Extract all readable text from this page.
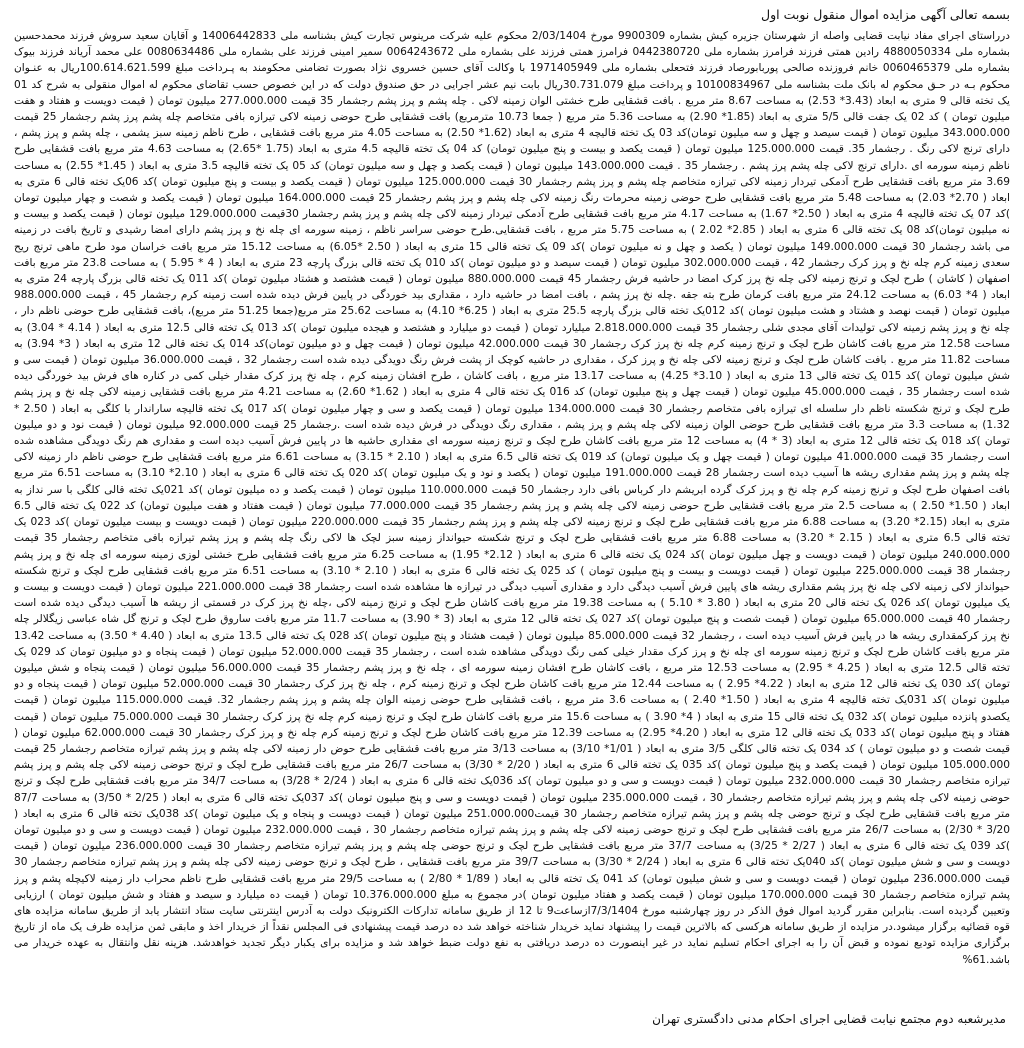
بسمه تعالی آگهی مزایده اموال منقول نوبت اول

درراستای اجرای مفاد نیابت قضایی واصله از شهرستان جزیره کیش بشماره 9900309 مورخ 2/03/1404 محکوم علیه شرکت مرینوس تجارت کیش بشناسه ملی 14006442833 و آقایان سعید سروش فرزند محمدحسین بشماره ملی 4880050334 رادین همتی فرزند فرامرز بشماره ملی 0442380720 فرامرز همتی فرزند علی بشماره ملی 0064243672 سمیر امینی فرزند علی بشماره ملی 0080634486 علی محمد آریاند فرزند بیوک بشماره ملی 0060465379 خانم فروزنده صالحی پوربابورصاد فرزند فتحعلی بشماره ملی 1971405949 با وکالت آقای حسین خسروی نژاد بصورت تضامنی محکومند به پـرداخت مبلغ 100.614.621.599ریال به عنـوان محکوم بـه در حـق محکوم له بانک ملت بشناسه ملی 10100834967 و پرداخت مبلغ 30.731.079ریال بابت نیم عشر اجرایی در حق صندوق دولت که در این خصوص حسب تقاضای محکوم له اموال منقولی به شرح کد 01 یک تخته قالی 9 متری به ابعاد (3.43* 2.53) به مساحت 8.67 متر مربع . بافت قشقایی طرح خشتی الوان زمینه لاکی . چله پشم و پرز پشم رجشمار 35 قیمت 277.000.000 میلیون تومان ( قیمت دویست و هفتاد و هفت میلیون تومان ) کد 02 یک جفت قالی 5/5 متری به ابعاد (1.85* 2.90) به مساحت 5.36 متر مربع ( جمعا 10.73 مترمربع) بافت قشقایی طرح حوضی زمینه لاکی تیرازه بافی متخاصم چله پشم پرز پشم رجشمار 25 قیمت 343.000.000 میلیون تومان ( قیمت سیصد و چهل و سه میلیون تومان)کد 03 یک تخته قالیچه 4 متری به ابعاد (1.62* 2.50) به مساحت 4.05 متر مربع بافت قشقایی ، طرح ناظم زمینه سبز یشمی ، چله پشم و پرز پشم ، دارای ترنج لاکی رنگ . رجشمار 35. قیمت 125.000.000 میلیون تومان ( قیمت یکصد و بیست و پنج میلیون تومان) کد 04 یک تخته قالیچه 4.5 متری به ابعاد (1.75 *2.65) به مساحت 4.63 متر مربع بافت قشقایی طرح ناظم زمینه سورمه ای .دارای ترنج لاکی چله پشم پرز پشم . رجشمار 35 . قیمت 143.000.000 میلیون تومان ( قیمت یکصد و چهل و سه میلیون تومان) کد 05 یک تخته قالیچه 3.5 متری به ابعاد ( 1.45* 2.55) به مساحت 3.69 متر مربع بافت قشقایی طرح آدمکی تیردار زمینه لاکی تیرازه متخاصم چله پشم و پرز پشم رجشمار 30 قیمت 125.000.000 میلیون تومان ( قیمت یکصد و بیست و پنج میلیون تومان )کد 06یک تخته قالی 6 متری به ابعاد ( 2.70* 2.03) به مساحت 5.48 متر مربع بافت قشقایی طرح حوضی زمینه محرمات رنگ زمینه لاکی چله پشم و پرز پشم رجشمار 25 قیمت 164.000.000 میلیون تومان ( قیمت یکصد و شصت و چهار میلیون تومان )کد 07 یک تخته قالیچه 4 متری به ابعاد ( 2.50* 1.67) به مساحت 4.17 متر مربع بافت قشقایی طرح آدمکی تیردار زمینه لاکی چله پشم و پرز پشم رجشمار 30قیمت 129.000.000 میلیون تومان ( قیمت یکصد و بیست و نه میلیون تومان)کد 08 یک تخته قالی 6 متری به ابعاد ( 2.85* 2.02 ) به مساحت 5.75 متر مربع ، بافت قشقایی.طرح حوضی سراسر ناظم ، زمینه سورمه ای چله نخ و پرز پشم دارای امضا رشیدی و تاریخ بافت در زمینه می باشد رجشمار 30 قیمت 149.000.000 میلیون تومان ( یکصد و چهل و نه میلیون تومان )کد 09 یک تخته قالی 15 متری به ابعاد ( 2.50 *6.05) به مساحت 15.12 متر مربع بافت خراسان مود طرح ماهی ترنج ریح سعدی زمینه کرم چله نخ و پرز کرک رجشمار 42 ، قیمت 302.000.000 میلیون تومان ( قیمت سیصد و دو میلیون تومان )کد 010 یک تخته قالی بزرگ پارچه 23 متری به ابعاد ( 4 * 5.95 ) به مساحت 23.8 متر مربع بافت اصفهان ( کاشان ) طرح لچک و ترنج زمینه لاکی چله نخ پرز کرک امضا در حاشیه فرش رجشمار 45 قیمت 880.000.000 میلیون تومان ( قیمت هشتصد و هشتاد میلیون تومان )کد 011 یک تخته قالی بزرگ پارچه 24 متری به ابعاد ( 4* 6.03) به مساحت 24.12 متر مربع بافت کرمان طرح بته جقه .چله نخ پرز پشم ، بافت امضا در حاشیه دارد ، مقداری بید خوردگی در پایین فرش دیده شده است زمینه کرم رجشمار 45 ، قیمت 988.000.000 میلیون تومان ( قیمت نهصد و هشتاد و هشت میلیون تومان )کد 012یک تخته قالی بزرگ پارچه 25.5 متری به ابعاد ( 6.25* 4.10) به مساحت 25.62 متر مربع(جمعا 51.25 متر مربع)، بافت قشقایی طرح حوضی ناظم دار ، چله نخ و پرز پشم زمینه لاکی تولیدات آقای مجدی شلی رجشمار 35 قیمت 2.818.000.000 میلیارد تومان ( قیمت دو میلیارد و هشتصد و هیجده میلیون تومان )کد 013 یک تخته قالی 12.5 متری به ابعاد ( 4.14 * 3.04) به مساحت 12.58 متر مربع بافت کاشان طرح لچک و ترنج زمینه کرم چله نخ پرز کرک رجشمار 30 قیمت 42.000.000 میلیون تومان ( قیمت چهل و دو میلیون تومان)کد 014 یک تخته قالی 12 متری به ابعاد ( 3* 3.94) به مساحت 11.82 متر مربع . بافت کاشان طرح لچک و ترنج زمینه لاکی چله نخ و پرز کرک ، مقداری در حاشیه کوچک از پشت فرش رنگ دویدگی دیده شده است رجشمار 32 ، قیمت 36.000.000 میلیون تومان ( قیمت سی و شش میلیون تومان )کد 015 یک تخته قالی 13 متری به ابعاد ( 3.10* 4.25) به مساحت 13.17 متر مربع ، بافت کاشان ، طرح افشان زمینه کرم ، چله نخ پرز کرک مقدار خیلی کمی در کناره های فرش بید خوردگی دیده شده است رجشمار 35 ، قیمت 45.000.000 میلیون تومان ( قیمت چهل و پنج میلیون تومان) کد 016 یک تخته قالی 4 متری به ابعاد ( 1.62* 2.60) به مساحت 4.21 متر مربع بافت قشقایی زمینه لاکی چله نخ و پرز پشم طرح لچک و ترنج شکسته ناظم دار سلسله ای تیرازه بافی متخاصم رجشمار 30 قیمت 134.000.000 میلیون تومان ( قیمت یکصد و سی و چهار میلیون تومان )کد 017 یک تخته قالیچه ساراندار با کلگی به ابعاد ( 2.50 * 1.32) به مساحت 3.3 متر مربع بافت قشقایی طرح حوضی الوان زمینه لاکی چله پشم و پرز پشم ، مقداری رنگ دویدگی در فرش دیده شده است .رجشمار 25 قیمت 92.000.000 میلیون تومان ( قیمت نود و دو میلیون تومان )کد 018 یک تخته قالی 12 متری به ابعاد (3 * 4) به مساحت 12 متر مربع بافت کاشان طرح لچک و ترنج زمینه سورمه ای مقداری حاشیه ها در پایین فرش آسیب دیده است و مقداری هم رنگ دویدگی مشاهده شده است رجشمار 35 قیمت 41.000.000 میلیون تومان ( قیمت چهل و یک میلیون تومان) کد 019 یک تخته قالی 6.5 متری به ابعاد ( 2.10 * 3.15) به مساحت 6.61 متر مربع بافت قشقایی طرح حوضی ناظم دار زمینه لاکی چله پشم و پرز پشم مقداری ریشه ها آسیب دیده است رجشمار 28 قیمت 191.000.000 میلیون تومان ( یکصد و نود و یک میلیون تومان )کد 020 یک تخته قالی 6 متری به ابعاد ( 2.10* 3.10) به مساحت 6.51 متر مربع بافت اصفهان طرح لچک و ترنج زمینه کرم چله نخ و پرز کرک گرده ابریشم دار کرباس بافی دارد رجشمار 50 قیمت 110.000.000 میلیون تومان ( قیمت یکصد و ده میلیون تومان )کد 021یک تخته قالی کلگی با سر نداز به ابعاد ( 1.50* 2.50 ) به مساحت 2.5 متر مربع بافت قشقایی طرح حوضی زمینه لاکی چله پشم و پرز پشم رجشمار 35 قیمت 77.000.000 میلیون تومان ( قیمت هفتاد و هفت میلیون تومان) کد 022 یک تخته قالی 6.5 متری به ابعاد (2.15* 3.20) به مساحت 6.88 متر مربع بافت قشقایی طرح لچک و ترنج زمینه لاکی چله پشم و پرز پشم رجشمار 35 قیمت 220.000.000 میلیون تومان ( قیمت دویست و بیست میلیون تومان )کد 023 یک تخته قالی 6.5 متری به ابعاد ( 2.15 * 3.20) به مساحت 6.88 متر مربع بافت قشقایی طرح لچک و ترنج شکسته حیوانداز زمینه سبز لچک ها لاکی رنگ چله پشم و پرز پشم تیرازه بافی متخاصم رجشمار 35 قیمت 240.000.000 میلیون تومان ( قیمت دویست و چهل میلیون تومان )کد 024 یک تخته قالی 6 متری به ابعاد ( 2.12* 1.95) به مساحت 6.25 متر مربع بافت قشقایی طرح خشتی لوزی زمینه سورمه ای چله نخ و پرز پشم رجشمار 38 قیمت 225.000.000 میلیون تومان ( قیمت دویست و بیست و پنج میلیون تومان ) کد 025 یک تخته قالی 6 متری به ابعاد ( 2.10 * 3.10) به مساحت 6.51 متر مربع بافت قشقایی طرح لچک و ترنج شکسته حیوانداز لاکی زمینه لاکی چله نخ پرز پشم مقداری ریشه های پایین فرش آسیب دیدگی دارد و مقداری آسیب دیدگی در تیرازه ها مشاهده شده است رجشمار 38 قیمت 221.000.000 میلیون تومان ( قیمت دویست و بیست و یک میلیون تومان )کد 026 یک تخته قالی 20 متری به ابعاد ( 3.80 * 5.10 ) به مساحت 19.38 متر مربع بافت کاشان طرح لچک و ترنج زمینه لاکی ،چله نخ پرز کرک در قسمتی از ریشه ها آسیب دیدگی دیده شده است رجشمار 40 قیمت 65.000.000 میلیون تومان ( قیمت شصت و پنج میلیون تومان )کد 027 یک تخته قالی 12 متری به ابعاد (3 * 3.90) به مساحت 11.7 متر مربع بافت ساروق طرح لچک و ترنج گل شاه عباسی زیگلالر چله نخ پرز کرکمقداری ریشه ها در پایین فرش آسیب دیده است ، رجشمار 32 قیمت 85.000.000 میلیون تومان ( قیمت هشتاد و پنج میلیون تومان )کد 028 یک تخته قالی 13.5 متری به ابعاد ( 4.40 * 3.50) به مساحت 13.42 متر مربع بافت کاشان طرح لچک و ترنج زمینه سورمه ای چله نخ و پرز کرک مقدار خیلی کمی رنگ دویدگی مشاهده شده است ، رجشمار 35 قیمت 52.000.000 میلیون تومان ( قیمت پنجاه و دو میلیون تومان کد 029 یک تخته قالی 12.5 متری به ابعاد ( 4.25 * 2.95) به مساحت 12.53 متر مربع ، بافت کاشان طرح افشان زمینه سورمه ای ، چله نخ و پرز پشم رجشمار 35 قیمت 56.000.000 میلیون تومان ( قیمت پنجاه و شش میلیون تومان )کد 030 یک تخته قالی 12 متری به ابعاد ( 4.22* 2.95 ) به مساحت 12.44 متر مربع بافت کاشان طرح لچک و ترنج زمینه کرم ، چله نخ پرز کرک رجشمار 30 قیمت 52.000.000 میلیون تومان ( قیمت پنجاه و دو میلیون تومان )کد 031یک تخته قالیچه 4 متری به ابعاد ( 1.50* 2.40 ) به مساحت 3.6 متر مربع ، بافت قشقایی طرح حوضی زمینه الوان چله پشم و پرز پشم رجشمار 32. قیمت 115.000.000 میلیون تومان ( قیمت یکصدو پانزده میلیون تومان )کد 032 یک تخته قالی 15 متری به ابعاد ( 4* 3.90 ) به مساحت 15.6 متر مربع بافت کاشان طرح لچک و ترنج زمینه کرم چله نخ پرز کرک رجشمار 30 قیمت 75.000.000 میلیون تومان ( قیمت هفتاد و پنج میلیون تومان )کد 033 یک تخته قالی 12 متری به ابعاد ( 4.20* 2.95) به مساحت 12.39 متر مربع بافت کاشان طرح لچک و ترنج زمینه کرم چله نخ و پرز کرک رجشمار 30 قیمت 62.000.000 میلیون تومان ( قیمت شصت و دو میلیون تومان ) کد 034 یک تخته قالی کلگی 3/5 متری به ابعاد ( 1/01* 3/10) به مساحت 3/13 متر مربع بافت قشقایی طرح حوض دار زمینه لاکی چله پشم و پرز پشم تیرازه متخاصم رجشمار 25 قیمت 105.000.000 میلیون تومان ( قیمت یکصد و پنج میلیون تومان )کد 035 یک تخته قالی 6 متری به ابعاد ( 2/20 * 3/30) به مساحت 26/7 متر مربع بافت قشقایی طرح لچک و ترنج حوضی زمینه لاکی چله پشم و پرز پشم تیرازه متخاصم رجشمار 30 قیمت 232.000.000 میلیون تومان ( قیمت دویست و سی و دو میلیون تومان )کد 036یک تخته قالی 6 متری به ابعاد ( 2/24 * 3/28) به مساحت 34/7 متر مربع بافت قشقایی طرح لچک و ترنج حوضی زمینه لاکی چله پشم و پرز پشم تیرازه متخاصم رجشمار 30 ، قیمت 235.000.000 میلیون تومان ( قیمت دویست و سی و پنج میلیون تومان )کد 037یک تخته قالی 6 متری به ابعاد ( 2/25 * 3/50) به مساحت 87/7 متر مربع بافت قشقایی طرح لچک و ترنج حوضی چله پشم و پرز پشم تیرازه متخاصم رجشمار 30 قیمت251.000.000 میلیون تومان ( قیمت دویست و پنجاه و یک میلیون تومان )کد 038یک تخته قالی 6 متری به ابعاد ( 3/20 * 2/30) به مساحت 26/7 متر مربع بافت قشقایی طرح لچک و ترنج حوضی زمینه لاکی چله پشم و پرز پشم تیرازه متخاصم رجشمار 30 ، قیمت 232.000.000 میلیون تومان ( قیمت دویست و سی و دو میلیون تومان )کد 039 یک تخته قالی 6 متری به ابعاد ( 2/27 * 3/25) به مساحت 37/7 متر مربع بافت قشقایی طرح لچک و ترنج حوضی چله پشم و پرز پشم تیرازه متخاصم رجشمار 30 قیمت 236.000.000 میلیون تومان ( قیمت دویست و سی و شش میلیون تومان )کد 040یک تخته قالی 6 متری به ابعاد ( 2/24 * 3/30) به مساحت 39/7 متر مربع بافت قشقایی ، طرح لچک و ترنج حوضی زمینه لاکی چله پشم و پرز پشم تیرازه متخاصم رجشمار 30 قیمت 236.000.000 میلیون تومان ( قیمت دویست و سی و شش میلیون تومان) کد 041 یک تخته قالی به ابعاد ( 1/89 * 2/80 ) به مساحت 29/5 متر مربع بافت قشقایی طرح ناظم محراب دار زمینه لاکیچله پشم و پرز پشم تیرازه متخاصم رجشمار 30 قیمت 170.000.000 میلیون تومان ( قیمت یکصد و هفتاد میلیون تومان )در مجموع به مبلغ 10.376.000.000 تومان ( قیمت ده میلیارد و سیصد و هفتاد و شش میلیون تومان ) ارزیابی وتعیین گردیده است. بنابراین مقرر گردید اموال فوق الذکر در روز چهارشنبه مورخ 7/3/1404ازساعت9 تا 12 از طریق سامانه تدارکات الکترونیک دولت به آدرس اینترنتی سایت ستاد انتشار یابد از طریق سامانه مزایده های قوه قضائیه برگزار میشود.در مزایده از طریق سامانه هرکسی که بالاترین قیمت را پیشنهاد نماید خریدار شناخته خواهد شد ده درصد قیمت پیشنهادی فی المجلس نقداً از خریدار اخذ و مابقی ثمن مزایده ظرف یک ماه از تاریخ برگزاری مزایده تودیع نموده و قبض آن را به اجرای احکام تسلیم نماید در غیر اینصورت ده درصد دریافتی به نفع دولت ضبط خواهد شد و مزایده برای یکبار دیگر تجدید خواهدشد. هزینه نقل وانتقال به عهده خریدار می باشد.61%

مدیرشعبه دوم مجتمع نیابت قضایی اجرای احکام مدنی دادگستری تهران
